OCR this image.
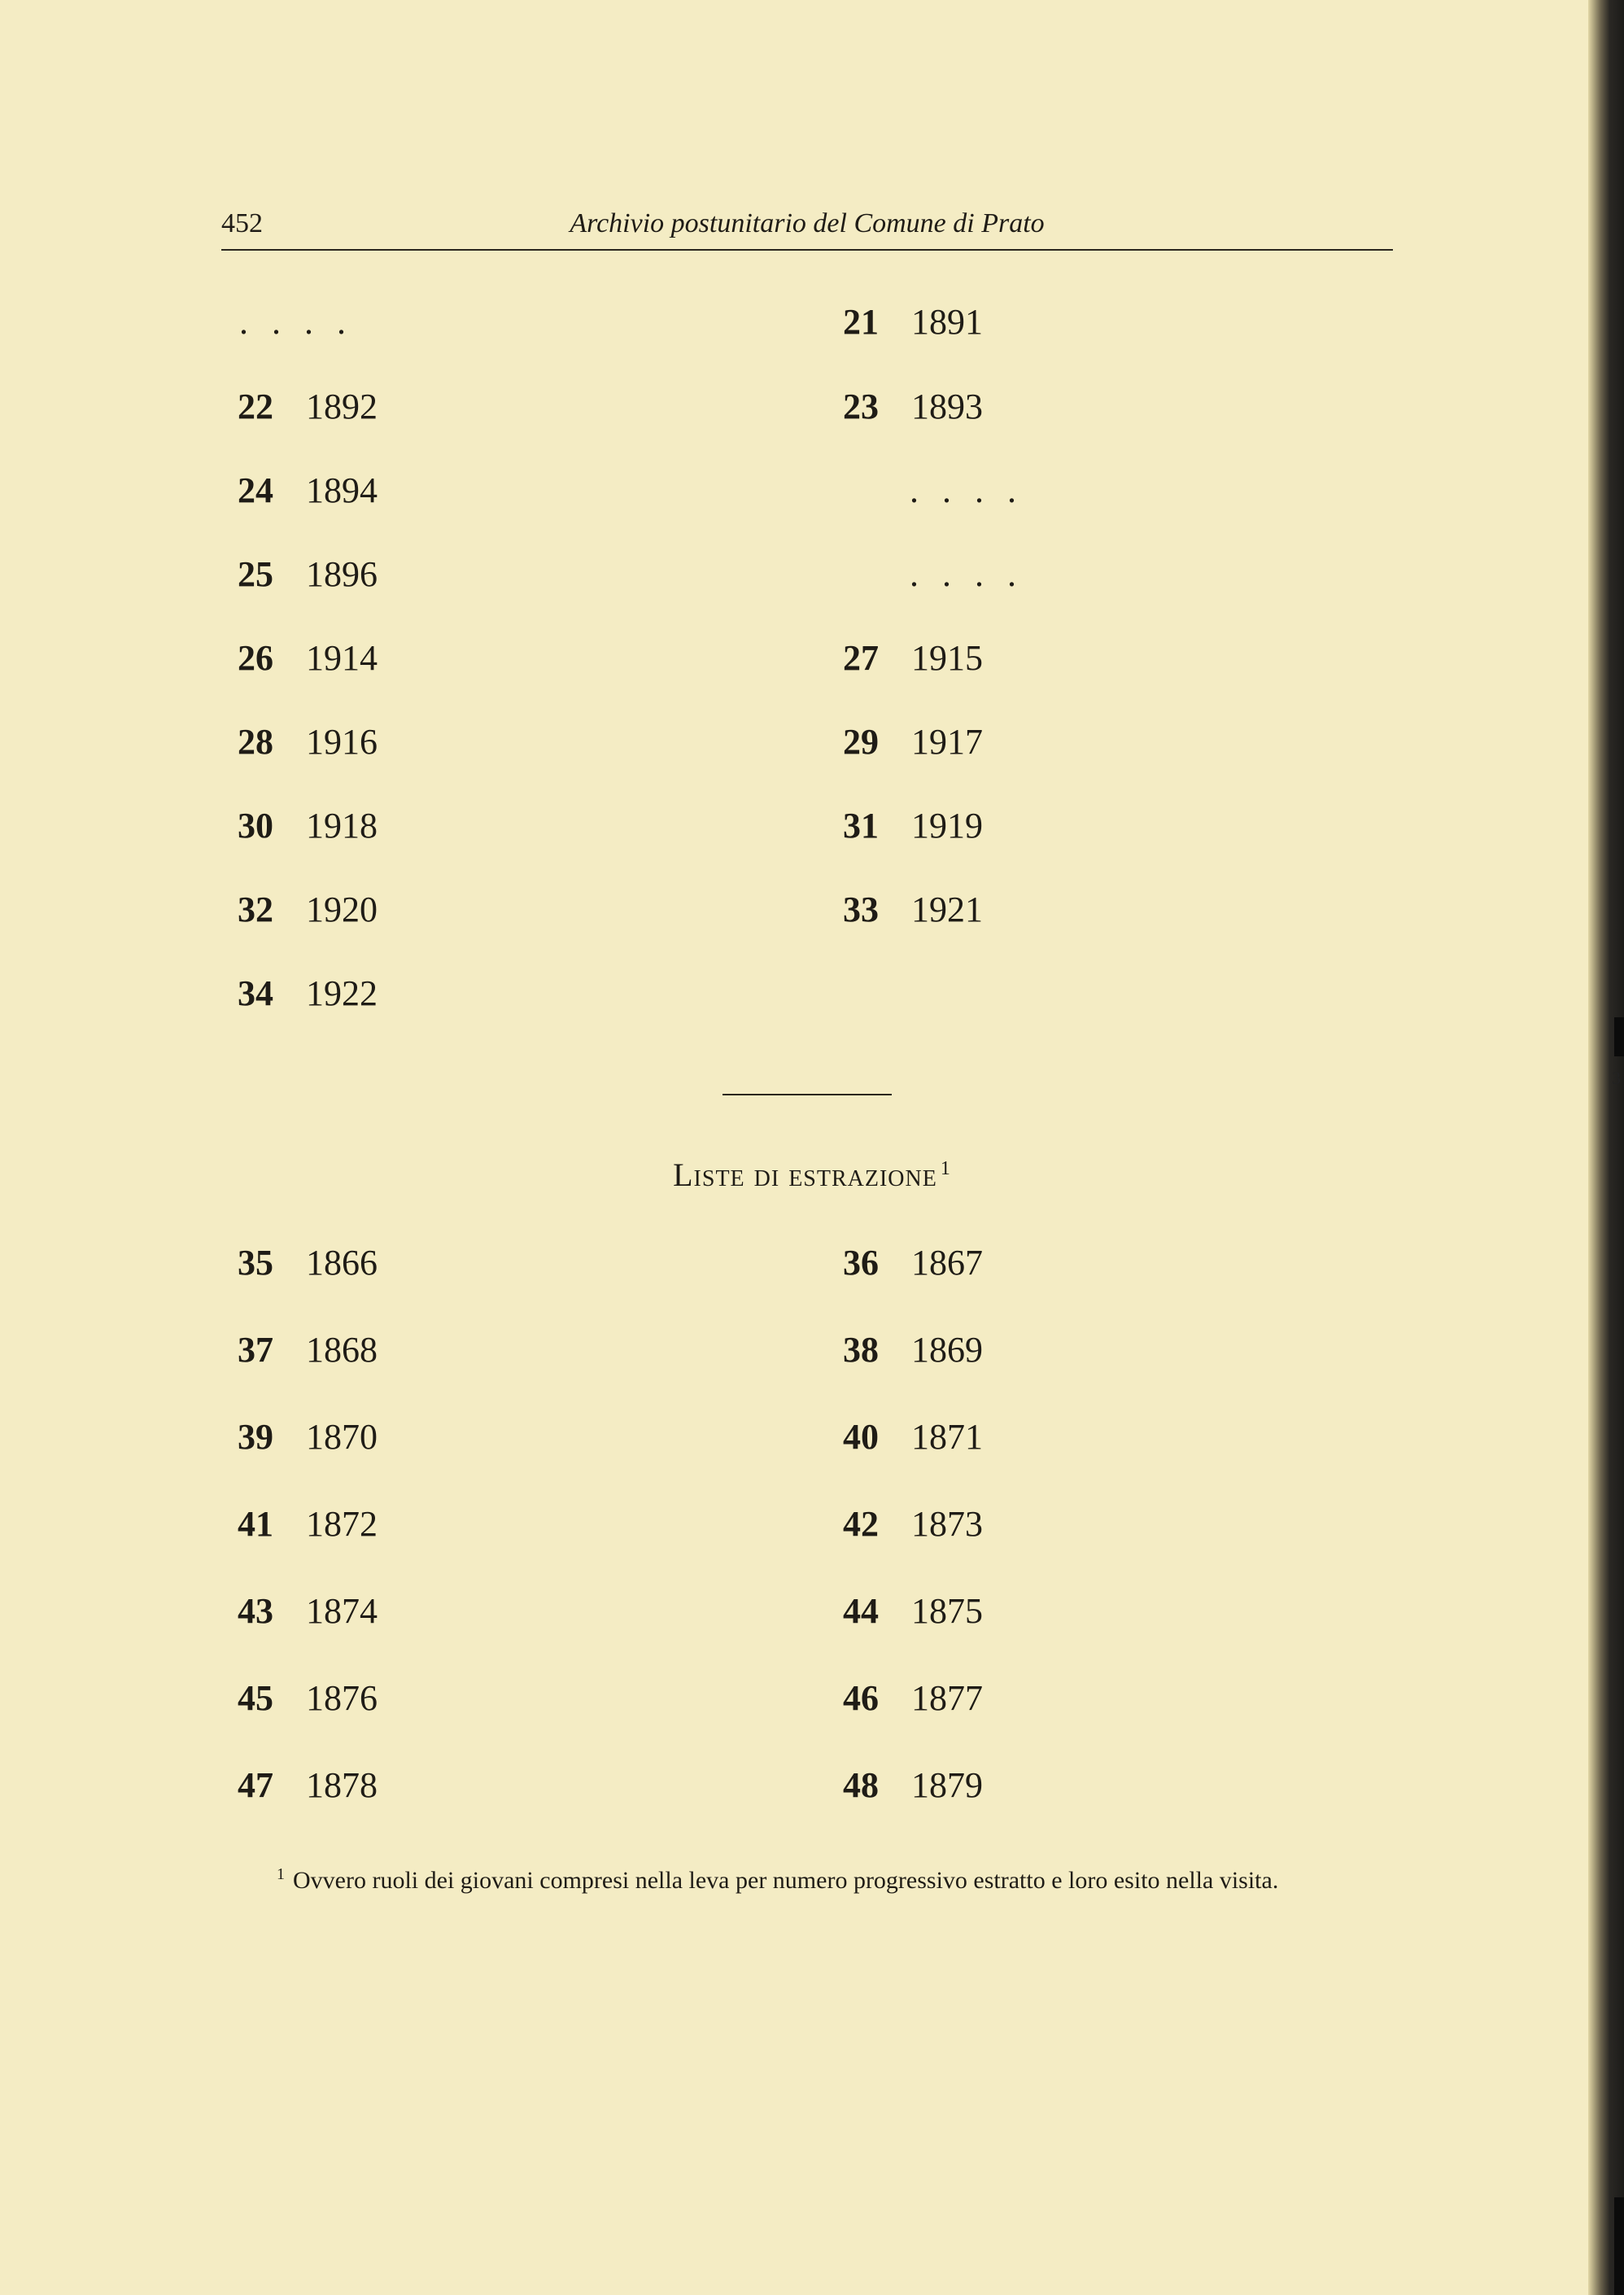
3
452	Archivio postunitario del Comune di Prato
. . . .	21 1891
22 1892	23 1893
24 1894	. . . .
25 1896	. . . .
26 1914	27 1915
28 1916	29 1917
30 1918	31 1919
32 1920	33 1921
34 1922
Liste di estrazione $^1$
35 1866	36 1867
37 1868	38 1869
39 1870	40 1871
41 1872	42 1873
43 1874	44 1875
45 1876	46 1877
47 1878	48 1879
$^1$ Ovvero ruoli dei giovani compresi nella leva per numero progressivo estratto e loro esito nella visita.
